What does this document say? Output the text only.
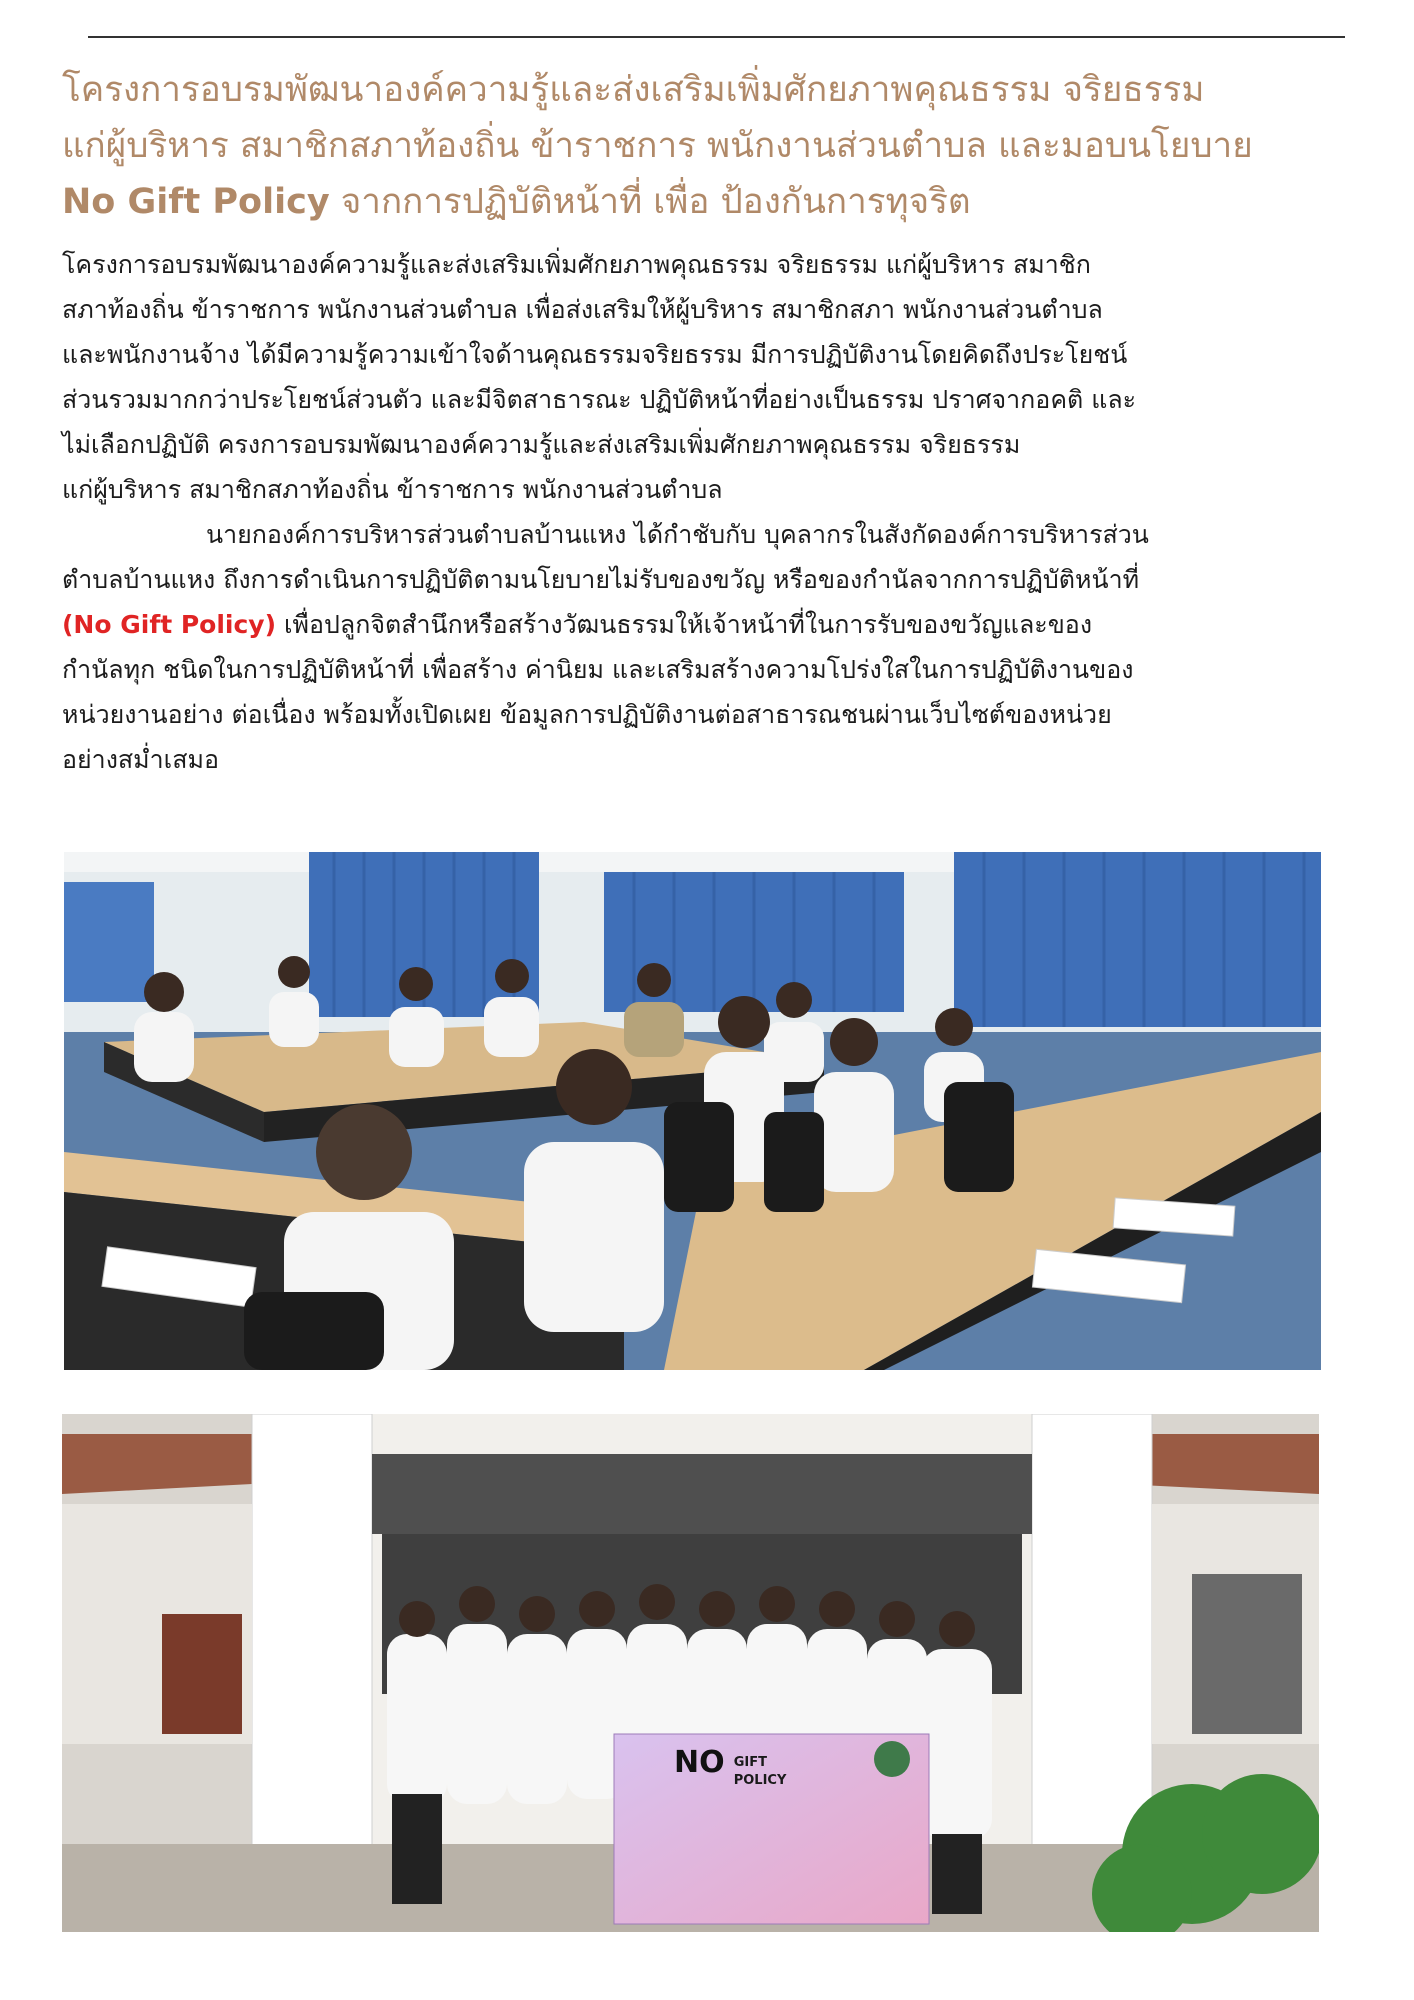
โครงการอบรมพัฒนาองค์ความรู้และส่งเสริมเพิ่มศักยภาพคุณธรรม จริยธรรม
แก่ผู้บริหาร สมาชิกสภาท้องถิ่น ข้าราชการ พนักงานส่วนตำบล และมอบนโยบาย
No Gift Policy จากการปฏิบัติหน้าที่ เพื่อ ป้องกันการทุจริต
โครงการอบรมพัฒนาองค์ความรู้และส่งเสริมเพิ่มศักยภาพคุณธรรม จริยธรรม แก่ผู้บริหาร สมาชิก
สภาท้องถิ่น ข้าราชการ พนักงานส่วนตำบล เพื่อส่งเสริมให้ผู้บริหาร สมาชิกสภา พนักงานส่วนตำบล
และพนักงานจ้าง ได้มีความรู้ความเข้าใจด้านคุณธรรมจริยธรรม มีการปฏิบัติงานโดยคิดถึงประโยชน์
ส่วนรวมมากกว่าประโยชน์ส่วนตัว และมีจิตสาธารณะ ปฏิบัติหน้าที่อย่างเป็นธรรม ปราศจากอคติ และ
ไม่เลือกปฏิบัติ ครงการอบรมพัฒนาองค์ความรู้และส่งเสริมเพิ่มศักยภาพคุณธรรม จริยธรรม
แก่ผู้บริหาร สมาชิกสภาท้องถิ่น ข้าราชการ พนักงานส่วนตำบล
นายกองค์การบริหารส่วนตำบลบ้านแหง ได้กำชับกับ บุคลากรในสังกัดองค์การบริหารส่วน
ตำบลบ้านแหง ถึงการดำเนินการปฏิบัติตามนโยบายไม่รับของขวัญ หรือของกำนัลจากการปฏิบัติหน้าที่
(No Gift Policy) เพื่อปลูกจิตสำนึกหรือสร้างวัฒนธรรมให้เจ้าหน้าที่ในการรับของขวัญและของ
กำนัลทุก ชนิดในการปฏิบัติหน้าที่ เพื่อสร้าง ค่านิยม และเสริมสร้างความโปร่งใสในการปฏิบัติงานของ
หน่วยงานอย่าง ต่อเนื่อง พร้อมทั้งเปิดเผย ข้อมูลการปฏิบัติงานต่อสาธารณชนผ่านเว็บไซต์ของหน่วย
อย่างสม่ำเสมอ
NO GIFT
POLICY
